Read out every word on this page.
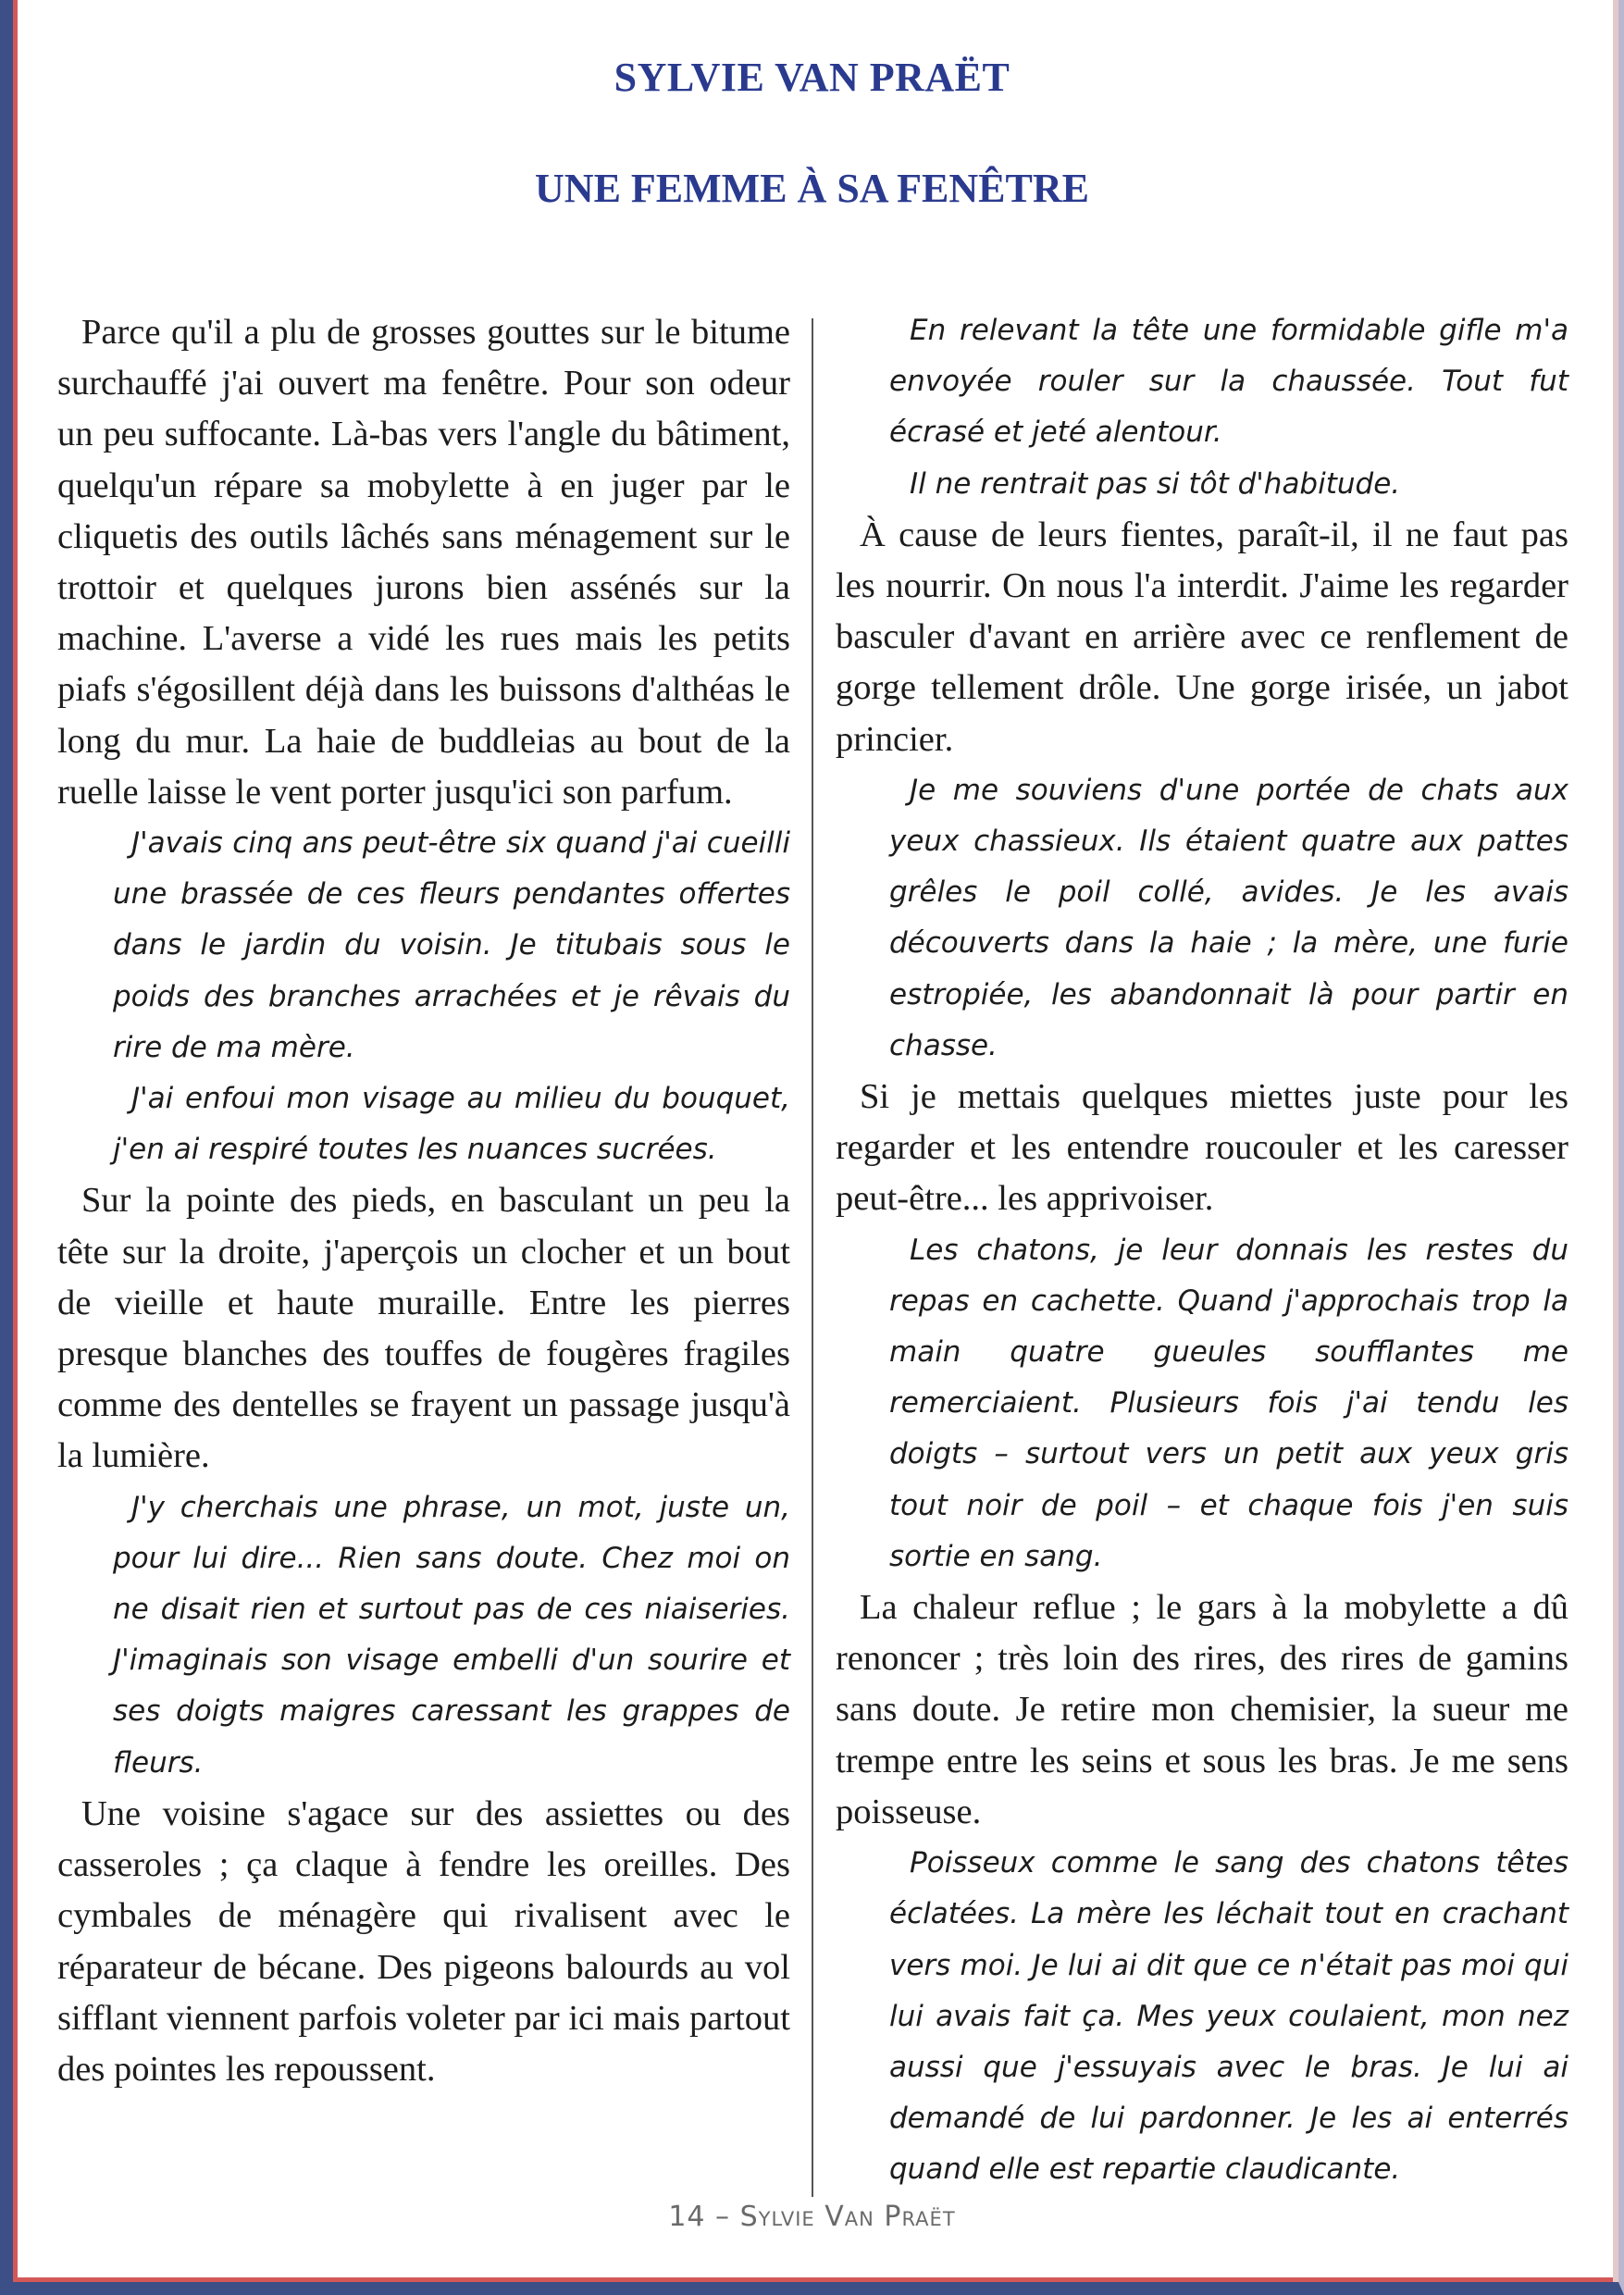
SYLVIE VAN PRAËT
UNE FEMME À SA FENÊTRE

Parce qu'il a plu de grosses gouttes sur le bitume surchauffé j'ai ouvert ma fenêtre. Pour son odeur un peu suffocante. Là-bas vers l'angle du bâtiment, quelqu'un répare sa mobylette à en juger par le cliquetis des outils lâchés sans ménagement sur le trottoir et quelques jurons bien assénés sur la machine. L'averse a vidé les rues mais les petits piafs s'égosillent déjà dans les buissons d'althéas le long du mur. La haie de buddleias au bout de la ruelle laisse le vent porter jusqu'ici son parfum.

J'avais cinq ans peut-être six quand j'ai cueilli une brassée de ces fleurs pendantes offertes dans le jardin du voisin. Je titubais sous le poids des branches arrachées et je rêvais du rire de ma mère.

J'ai enfoui mon visage au milieu du bouquet, j'en ai respiré toutes les nuances sucrées.

Sur la pointe des pieds, en basculant un peu la tête sur la droite, j'aperçois un clocher et un bout de vieille et haute muraille. Entre les pierres presque blanches des touffes de fougères fragiles comme des dentelles se frayent un passage jusqu'à la lumière.

J'y cherchais une phrase, un mot, juste un, pour lui dire... Rien sans doute. Chez moi on ne disait rien et surtout pas de ces niaiseries. J'imaginais son visage embelli d'un sourire et ses doigts maigres caressant les grappes de fleurs.

Une voisine s'agace sur des assiettes ou des casseroles ; ça claque à fendre les oreilles. Des cymbales de ménagère qui rivalisent avec le réparateur de bécane. Des pigeons balourds au vol sifflant viennent parfois voleter par ici mais partout des pointes les repoussent.

En relevant la tête une formidable gifle m'a envoyée rouler sur la chaussée. Tout fut écrasé et jeté alentour.

Il ne rentrait pas si tôt d'habitude.

À cause de leurs fientes, paraît-il, il ne faut pas les nourrir. On nous l'a interdit. J'aime les regarder basculer d'avant en arrière avec ce renflement de gorge tellement drôle. Une gorge irisée, un jabot princier.

Je me souviens d'une portée de chats aux yeux chassieux. Ils étaient quatre aux pattes grêles le poil collé, avides. Je les avais découverts dans la haie ; la mère, une furie estropiée, les abandonnait là pour partir en chasse.

Si je mettais quelques miettes juste pour les regarder et les entendre roucouler et les caresser peut-être... les apprivoiser.

Les chatons, je leur donnais les restes du repas en cachette. Quand j'approchais trop la main quatre gueules soufflantes me remerciaient. Plusieurs fois j'ai tendu les doigts – surtout vers un petit aux yeux gris tout noir de poil – et chaque fois j'en suis sortie en sang.

La chaleur reflue ; le gars à la mobylette a dû renoncer ; très loin des rires, des rires de gamins sans doute. Je retire mon chemisier, la sueur me trempe entre les seins et sous les bras. Je me sens poisseuse.

Poisseux comme le sang des chatons têtes éclatées. La mère les léchait tout en crachant vers moi. Je lui ai dit que ce n'était pas moi qui lui avais fait ça. Mes yeux coulaient, mon nez aussi que j'essuyais avec le bras. Je lui ai demandé de lui pardonner. Je les ai enterrés quand elle est repartie claudicante.

14 – Sylvie Van Praët
